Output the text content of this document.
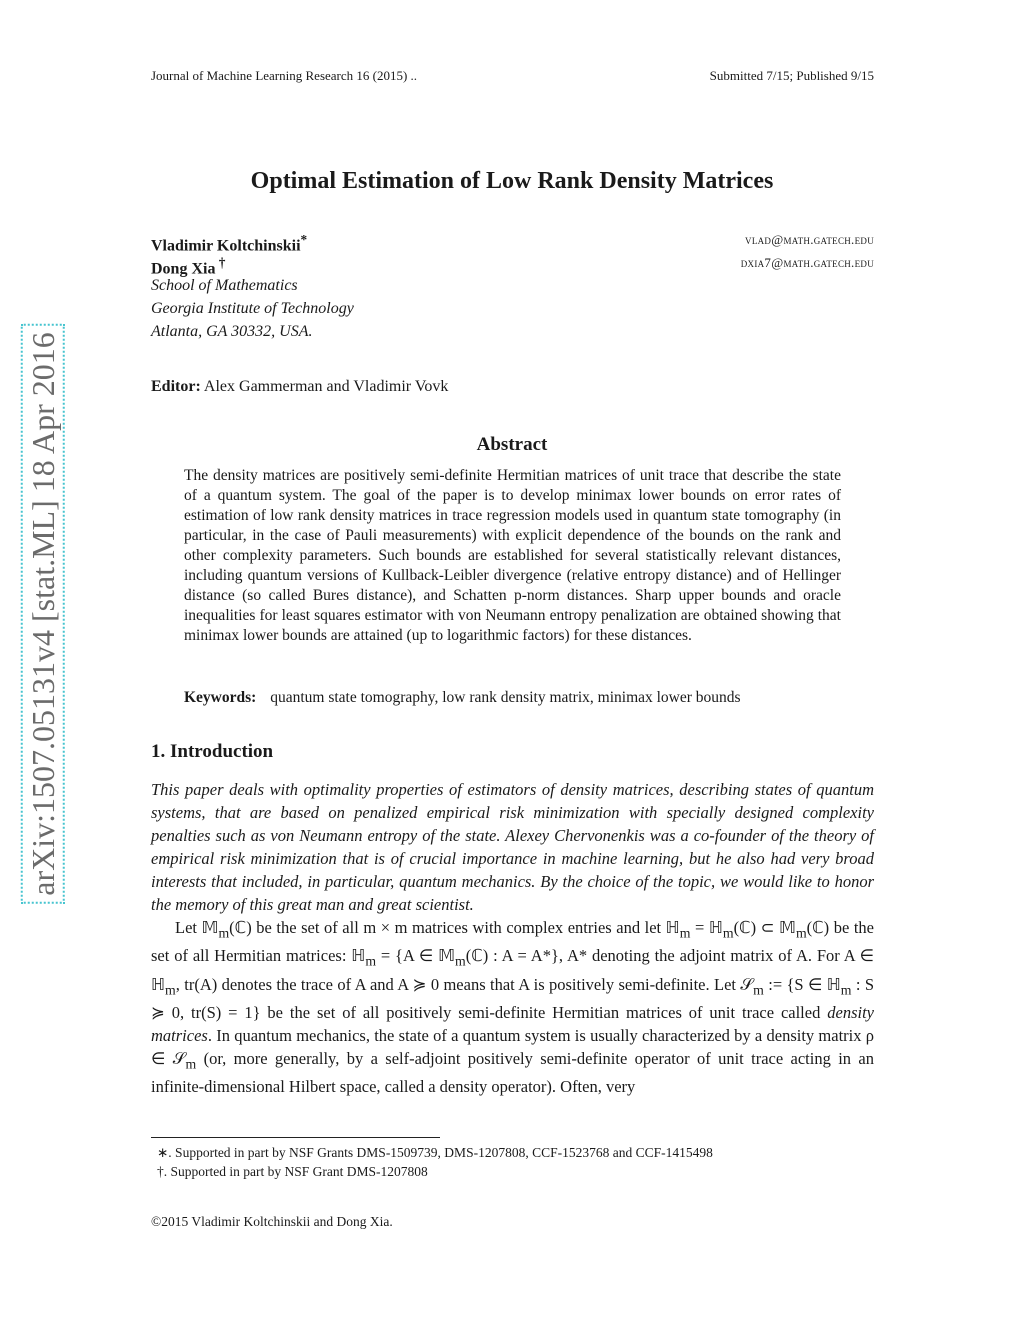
Journal of Machine Learning Research 16 (2015) ..	Submitted 7/15; Published 9/15
arXiv:1507.05131v4 [stat.ML] 18 Apr 2016
Optimal Estimation of Low Rank Density Matrices
Vladimir Koltchinskii*	vlad@math.gatech.edu
Dong Xia †	dxia7@math.gatech.edu
School of Mathematics
Georgia Institute of Technology
Atlanta, GA 30332, USA.
Editor: Alex Gammerman and Vladimir Vovk
Abstract
The density matrices are positively semi-definite Hermitian matrices of unit trace that describe the state of a quantum system. The goal of the paper is to develop minimax lower bounds on error rates of estimation of low rank density matrices in trace regression models used in quantum state tomography (in particular, in the case of Pauli measurements) with explicit dependence of the bounds on the rank and other complexity parameters. Such bounds are established for several statistically relevant distances, including quantum versions of Kullback-Leibler divergence (relative entropy distance) and of Hellinger distance (so called Bures distance), and Schatten p-norm distances. Sharp upper bounds and oracle inequalities for least squares estimator with von Neumann entropy penalization are obtained showing that minimax lower bounds are attained (up to logarithmic factors) for these distances.
Keywords: quantum state tomography, low rank density matrix, minimax lower bounds
1. Introduction

This paper deals with optimality properties of estimators of density matrices, describing states of quantum systems, that are based on penalized empirical risk minimization with specially designed complexity penalties such as von Neumann entropy of the state. Alexey Chervonenkis was a co-founder of the theory of empirical risk minimization that is of crucial importance in machine learning, but he also had very broad interests that included, in particular, quantum mechanics. By the choice of the topic, we would like to honor the memory of this great man and great scientist.

Let 𝕄$_m$(ℂ) be the set of all m × m matrices with complex entries and let ℍ$_m$ = ℍ$_m$(ℂ) ⊂ 𝕄$_m$(ℂ) be the set of all Hermitian matrices: ℍ$_m$ = {A ∈ 𝕄$_m$(ℂ) : A = A*}, A* denoting the adjoint matrix of A. For A ∈ ℍ$_m$, tr(A) denotes the trace of A and A ≽ 0 means that A is positively semi-definite. Let 𝒮$_m$ := {S ∈ ℍ$_m$ : S ≽ 0, tr(S) = 1} be the set of all positively semi-definite Hermitian matrices of unit trace called density matrices. In quantum mechanics, the state of a quantum system is usually characterized by a density matrix ρ ∈ 𝒮$_m$ (or, more generally, by a self-adjoint positively semi-definite operator of unit trace acting in an infinite-dimensional Hilbert space, called a density operator). Often, very

∗. Supported in part by NSF Grants DMS-1509739, DMS-1207808, CCF-1523768 and CCF-1415498
†. Supported in part by NSF Grant DMS-1207808
©2015 Vladimir Koltchinskii and Dong Xia.
